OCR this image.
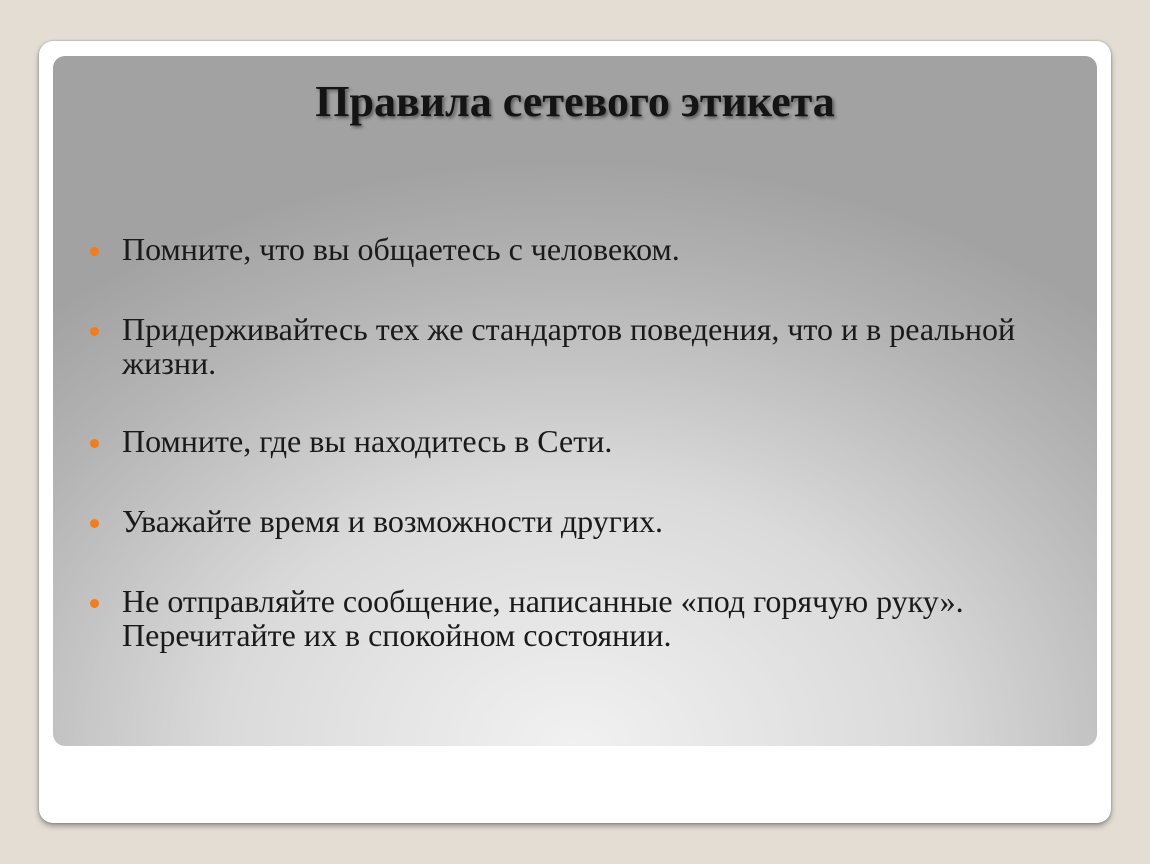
Правила сетевого этикета
Помните, что вы общаетесь с человеком.
Придерживайтесь тех же стандартов поведения, что и в реальной жизни.
Помните, где вы находитесь в Сети.
Уважайте время и возможности других.
Не отправляйте сообщение, написанные «под горячую руку». Перечитайте их в спокойном состоянии.
